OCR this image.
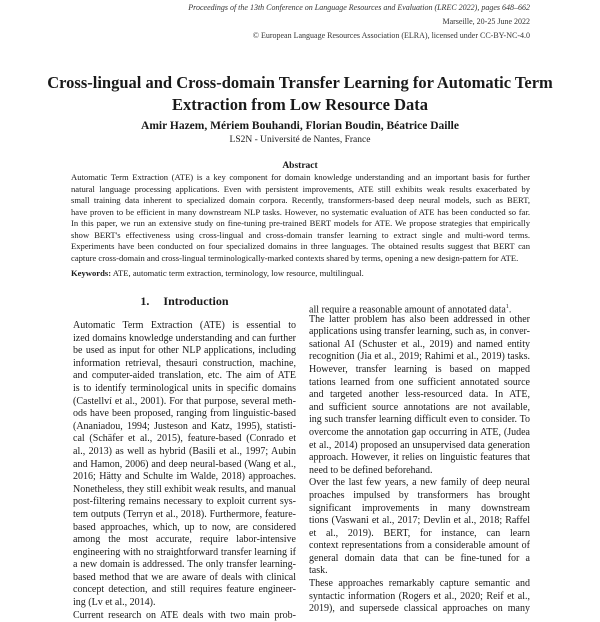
Proceedings of the 13th Conference on Language Resources and Evaluation (LREC 2022), pages 648–662
Marseille, 20-25 June 2022
© European Language Resources Association (ELRA), licensed under CC-BY-NC-4.0
Cross-lingual and Cross-domain Transfer Learning for Automatic Term
Extraction from Low Resource Data
Amir Hazem, Mériem Bouhandi, Florian Boudin, Béatrice Daille
LS2N - Université de Nantes, France
Abstract
Automatic Term Extraction (ATE) is a key component for domain knowledge understanding and an important basis for further
natural language processing applications. Even with persistent improvements, ATE still exhibits weak results exacerbated by
small training data inherent to specialized domain corpora. Recently, transformers-based deep neural models, such as BERT,
have proven to be efficient in many downstream NLP tasks. However, no systematic evaluation of ATE has been conducted so far.
In this paper, we run an extensive study on fine-tuning pre-trained BERT models for ATE. We propose strategies that empirically
show BERT's effectiveness using cross-lingual and cross-domain transfer learning to extract single and multi-word terms.
Experiments have been conducted on four specialized domains in three languages. The obtained results suggest that BERT can
capture cross-domain and cross-lingual terminologically-marked contexts shared by terms, opening a new design-pattern for ATE.
Keywords: ATE, automatic term extraction, terminology, low resource, multilingual.
1. Introduction
Automatic Term Extraction (ATE) is essential to
ized domains knowledge understanding and can further
be used as input for other NLP applications, including
information retrieval, thesauri construction, machine,
and computer-aided translation, etc. The aim of ATE
is to identify terminological units in specific domains
(Castellví et al., 2001). For that purpose, several meth-
ods have been proposed, ranging from linguistic-based
(Ananiadou, 1994; Justeson and Katz, 1995), statisti-
cal (Schäfer et al., 2015), feature-based (Conrado et
al., 2013) as well as hybrid (Basili et al., 1997; Aubin
and Hamon, 2006) and deep neural-based (Wang et al.,
2016; Hätty and Schulte im Walde, 2018) approaches.
Nonetheless, they still exhibit weak results, and manual
post-filtering remains necessary to exploit current sys-
tem outputs (Terryn et al., 2018). Furthermore, feature-
based approaches, which, up to now, are considered
among the most accurate, require labor-intensive
engineering with no straightforward transfer learning if
a new domain is addressed. The only transfer learning-
based method that we are aware of deals with clinical
concept detection, and still requires feature engineer-
ing (Lv et al., 2014).
Current research on ATE deals with two main prob-
all require a reasonable amount of annotated data$^1$.
The latter problem has also been addressed in other
applications using transfer learning, such as, in conver-
sational AI (Schuster et al., 2019) and named entity
recognition (Jia et al., 2019; Rahimi et al., 2019) tasks.
However, transfer learning is based on mapped
tations learned from one sufficient annotated source
and targeted another less-resourced data. In ATE,
and sufficient source annotations are not available,
ing such transfer learning difficult even to consider. To
overcome the annotation gap occurring in ATE, (Judea
et al., 2014) proposed an unsupervised data generation
approach. However, it relies on linguistic features that
need to be defined beforehand.
Over the last few years, a new family of deep neural
proaches impulsed by transformers has brought
significant improvements in many downstream
tions (Vaswani et al., 2017; Devlin et al., 2018; Raffel
et al., 2019). BERT, for instance, can learn
context representations from a considerable amount of
general domain data that can be fine-tuned for a
task.
These approaches remarkably capture semantic and
syntactic information (Rogers et al., 2020; Reif et al.,
2019), and supersede classical approaches on many
